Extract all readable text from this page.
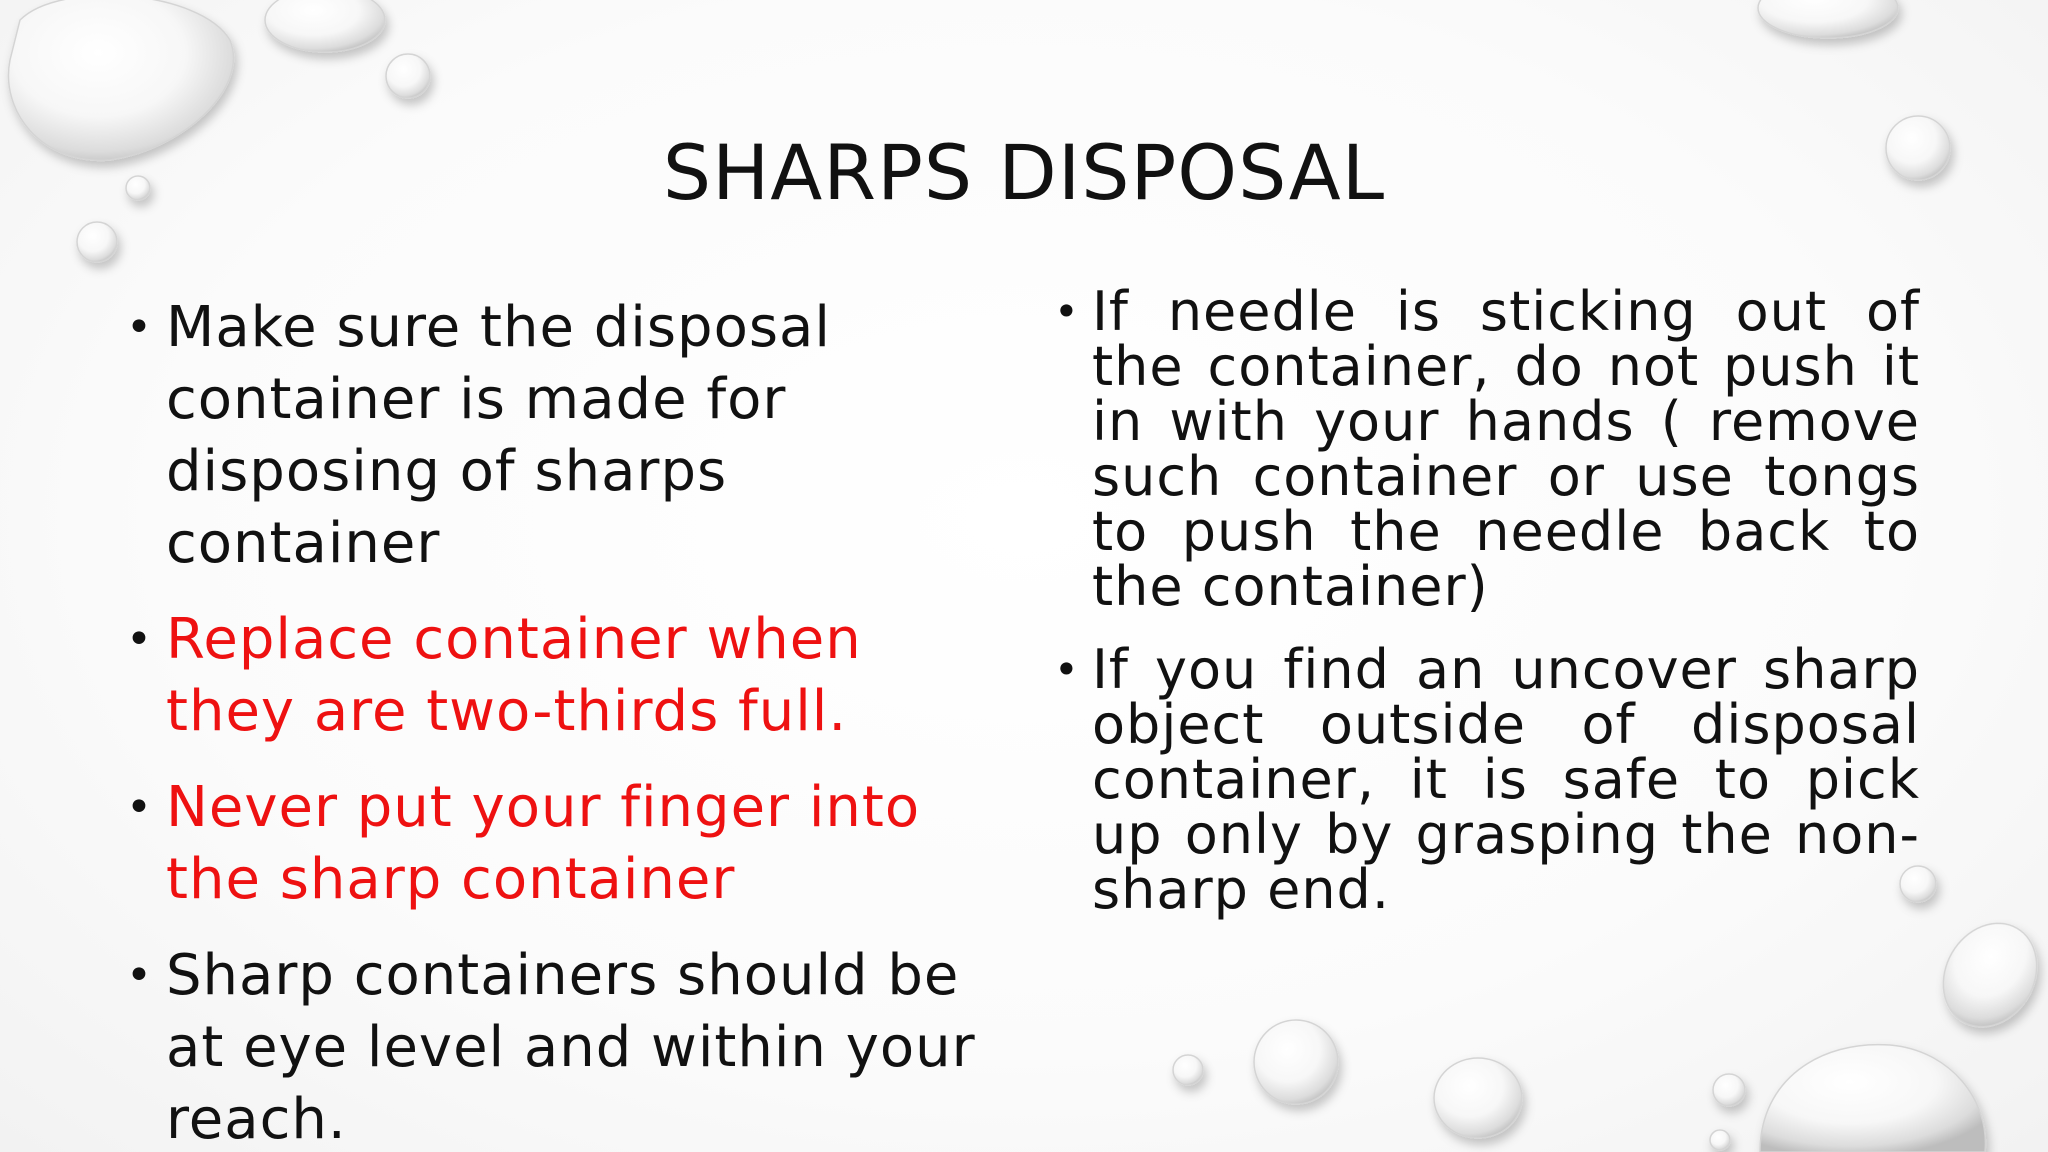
SHARPS DISPOSAL
• Make sure the disposal container is made for disposing of sharps container
• Replace container when they are two-thirds full.
• Never put your finger into the sharp container
• Sharp containers should be at eye level and within your reach.
• If needle is sticking out of the container, do not push it in with your hands ( remove such container or use tongs to push the needle back to the container)
• If you find an uncover sharp object outside of disposal container, it is safe to pick up only by grasping the non-sharp end.
